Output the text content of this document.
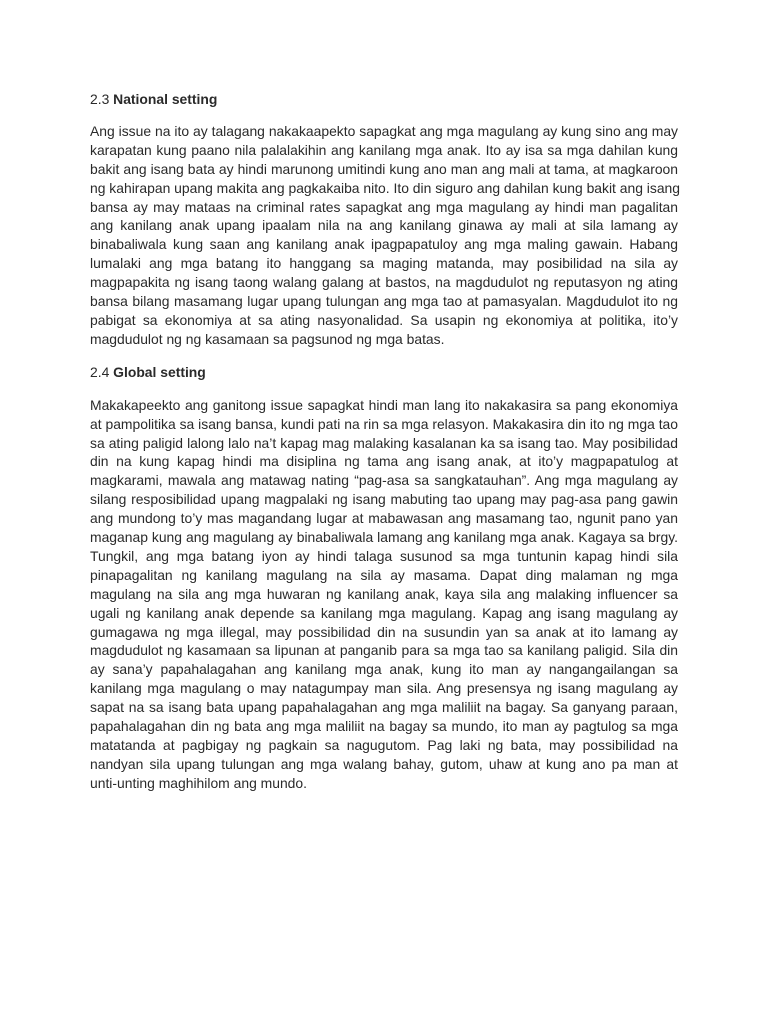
2.3 National setting
Ang issue na ito ay talagang nakakaapekto sapagkat ang mga magulang ay kung sino ang may
karapatan kung paano nila palalakihin ang kanilang mga anak. Ito ay isa sa mga dahilan kung
bakit ang isang bata ay hindi marunong umitindi kung ano man ang mali at tama, at magkaroon
ng kahirapan upang makita ang pagkakaiba nito. Ito din siguro ang dahilan kung bakit ang isang
bansa ay may mataas na criminal rates sapagkat ang mga magulang ay hindi man pagalitan
ang kanilang anak upang ipaalam nila na ang kanilang ginawa ay mali at sila lamang ay
binabaliwala kung saan ang kanilang anak ipagpapatuloy ang mga maling gawain. Habang
lumalaki ang mga batang ito hanggang sa maging matanda, may posibilidad na sila ay
magpapakita ng isang taong walang galang at bastos, na magdudulot ng reputasyon ng ating
bansa bilang masamang lugar upang tulungan ang mga tao at pamasyalan. Magdudulot ito ng
pabigat sa ekonomiya at sa ating nasyonalidad. Sa usapin ng ekonomiya at politika, ito’y
magdudulot ng ng kasamaan sa pagsunod ng mga batas.
2.4 Global setting
Makakapeekto ang ganitong issue sapagkat hindi man lang ito nakakasira sa pang ekonomiya
at pampolitika sa isang bansa, kundi pati na rin sa mga relasyon. Makakasira din ito ng mga tao
sa ating paligid lalong lalo na’t kapag mag malaking kasalanan ka sa isang tao. May posibilidad
din na kung kapag hindi ma disiplina ng tama ang isang anak, at ito’y magpapatulog at
magkarami, mawala ang matawag nating “pag-asa sa sangkatauhan”. Ang mga magulang ay
silang resposibilidad upang magpalaki ng isang mabuting tao upang may pag-asa pang gawin
ang mundong to’y mas magandang lugar at mabawasan ang masamang tao, ngunit pano yan
maganap kung ang magulang ay binabaliwala lamang ang kanilang mga anak. Kagaya sa brgy.
Tungkil, ang mga batang iyon ay hindi talaga susunod sa mga tuntunin kapag hindi sila
pinapagalitan ng kanilang magulang na sila ay masama. Dapat ding malaman ng mga
magulang na sila ang mga huwaran ng kanilang anak, kaya sila ang malaking influencer sa
ugali ng kanilang anak depende sa kanilang mga magulang. Kapag ang isang magulang ay
gumagawa ng mga illegal, may possibilidad din na susundin yan sa anak at ito lamang ay
magdudulot ng kasamaan sa lipunan at panganib para sa mga tao sa kanilang paligid. Sila din
ay sana’y papahalagahan ang kanilang mga anak, kung ito man ay nangangailangan sa
kanilang mga magulang o may natagumpay man sila. Ang presensya ng isang magulang ay
sapat na sa isang bata upang papahalagahan ang mga maliliit na bagay. Sa ganyang paraan,
papahalagahan din ng bata ang mga maliliit na bagay sa mundo, ito man ay pagtulog sa mga
matatanda at pagbigay ng pagkain sa nagugutom. Pag laki ng bata, may possibilidad na
nandyan sila upang tulungan ang mga walang bahay, gutom, uhaw at kung ano pa man at
unti-unting maghihilom ang mundo.
